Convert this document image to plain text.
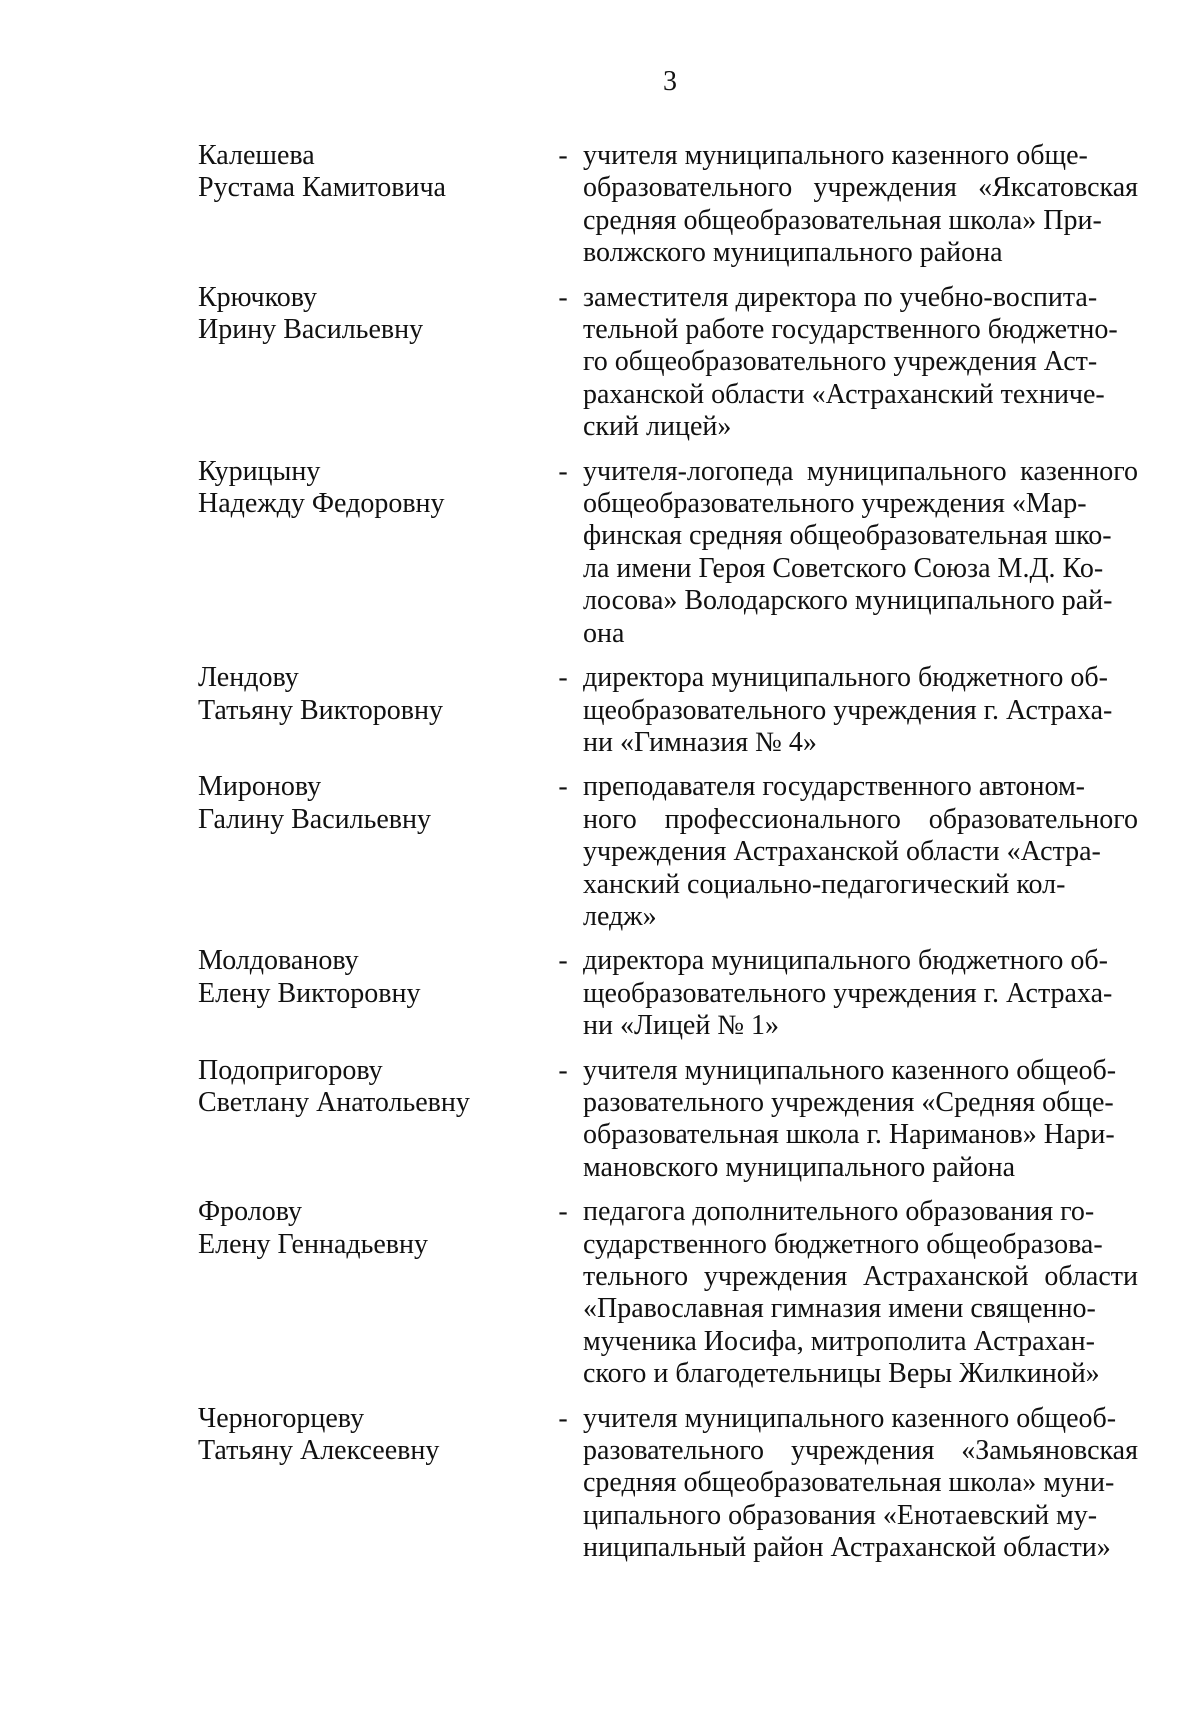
3
Калешева
Рустама Камитовича
- учителя муниципального казенного обще-
образовательного учреждения «Яксатовская средняя общеобразовательная школа» При-
волжского муниципального района
Крючкову
Ирину Васильевну
- заместителя директора по учебно-воспита-
тельной работе государственного бюджетно-
го общеобразовательного учреждения Аст-
раханской области «Астраханский техниче-
ский лицей»
Курицыну
Надежду Федоровну
- учителя-логопеда муниципального казенного общеобразовательного учреждения «Мар-
финская средняя общеобразовательная шко-
ла имени Героя Советского Союза М.Д. Ко-
лосова» Володарского муниципального рай-
она
Лендову
Татьяну Викторовну
- директора муниципального бюджетного об-
щеобразовательного учреждения г. Астраха-
ни «Гимназия № 4»
Миронову
Галину Васильевну
- преподавателя государственного автоном-
ного профессионального образовательного учреждения Астраханской области «Астра-
ханский социально-педагогический кол-
ледж»
Молдованову
Елену Викторовну
- директора муниципального бюджетного об-
щеобразовательного учреждения г. Астраха-
ни «Лицей № 1»
Подопригорову
Светлану Анатольевну
- учителя муниципального казенного общеоб-
разовательного учреждения «Средняя обще-
образовательная школа г. Нариманов» Нари-
мановского муниципального района
Фролову
Елену Геннадьевну
- педагога дополнительного образования го-
сударственного бюджетного общеобразова-
тельного учреждения Астраханской области «Православная гимназия имени священно-
мученика Иосифа, митрополита Астрахан-
ского и благодетельницы Веры Жилкиной»
Черногорцеву
Татьяну Алексеевну
- учителя муниципального казенного общеоб-
разовательного учреждения «Замьяновская средняя общеобразовательная школа» муни-
ципального образования «Енотаевский му-
ниципальный район Астраханской области»
